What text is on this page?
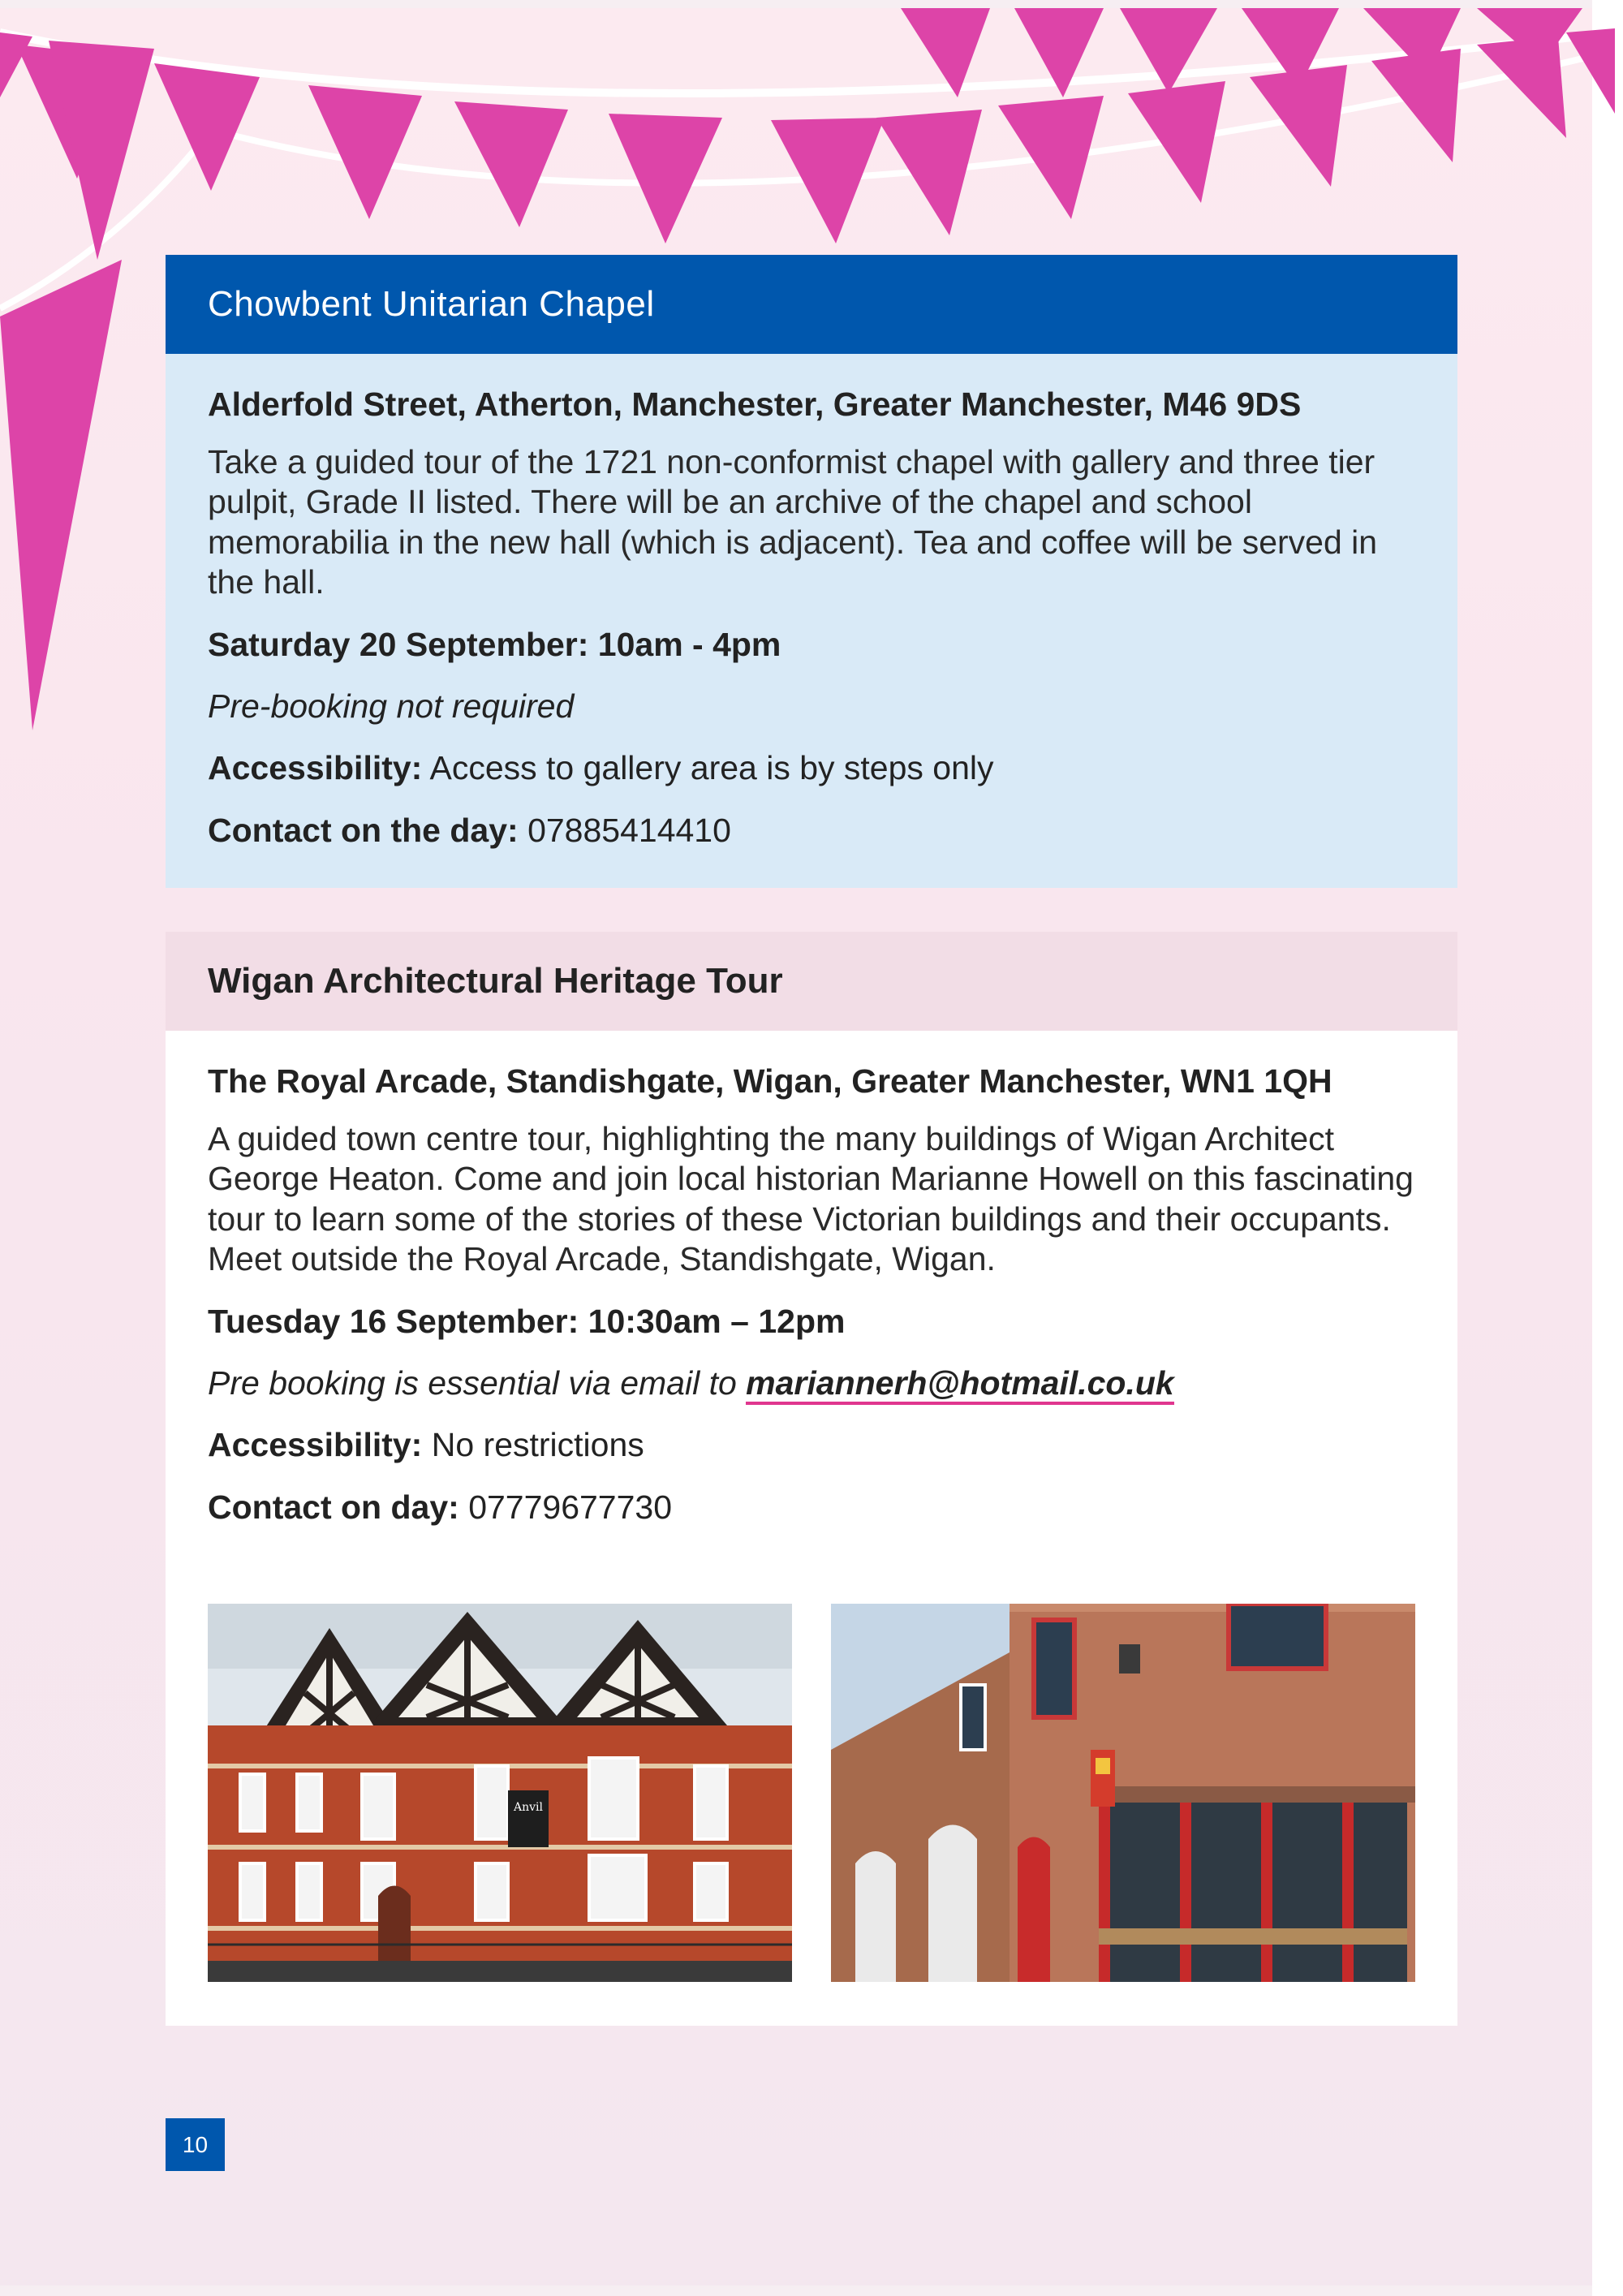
Chowbent Unitarian Chapel

Alderfold Street, Atherton, Manchester, Greater Manchester, M46 9DS

Take a guided tour of the 1721 non-conformist chapel with gallery and three tier pulpit, Grade II listed. There will be an archive of the chapel and school memorabilia in the new hall (which is adjacent). Tea and coffee will be served in the hall.

Saturday 20 September: 10am - 4pm

Pre-booking not required

Accessibility: Access to gallery area is by steps only

Contact on the day: 07885414410

Wigan Architectural Heritage Tour

The Royal Arcade, Standishgate, Wigan, Greater Manchester, WN1 1QH

A guided town centre tour, highlighting the many buildings of Wigan Architect George Heaton. Come and join local historian Marianne Howell on this fascinating tour to learn some of the stories of these Victorian buildings and their occupants. Meet outside the Royal Arcade, Standishgate, Wigan.

Tuesday 16 September: 10:30am – 12pm

Pre booking is essential via email to mariannerh@hotmail.co.uk

Accessibility: No restrictions

Contact on day: 07779677730

Anvil
10
